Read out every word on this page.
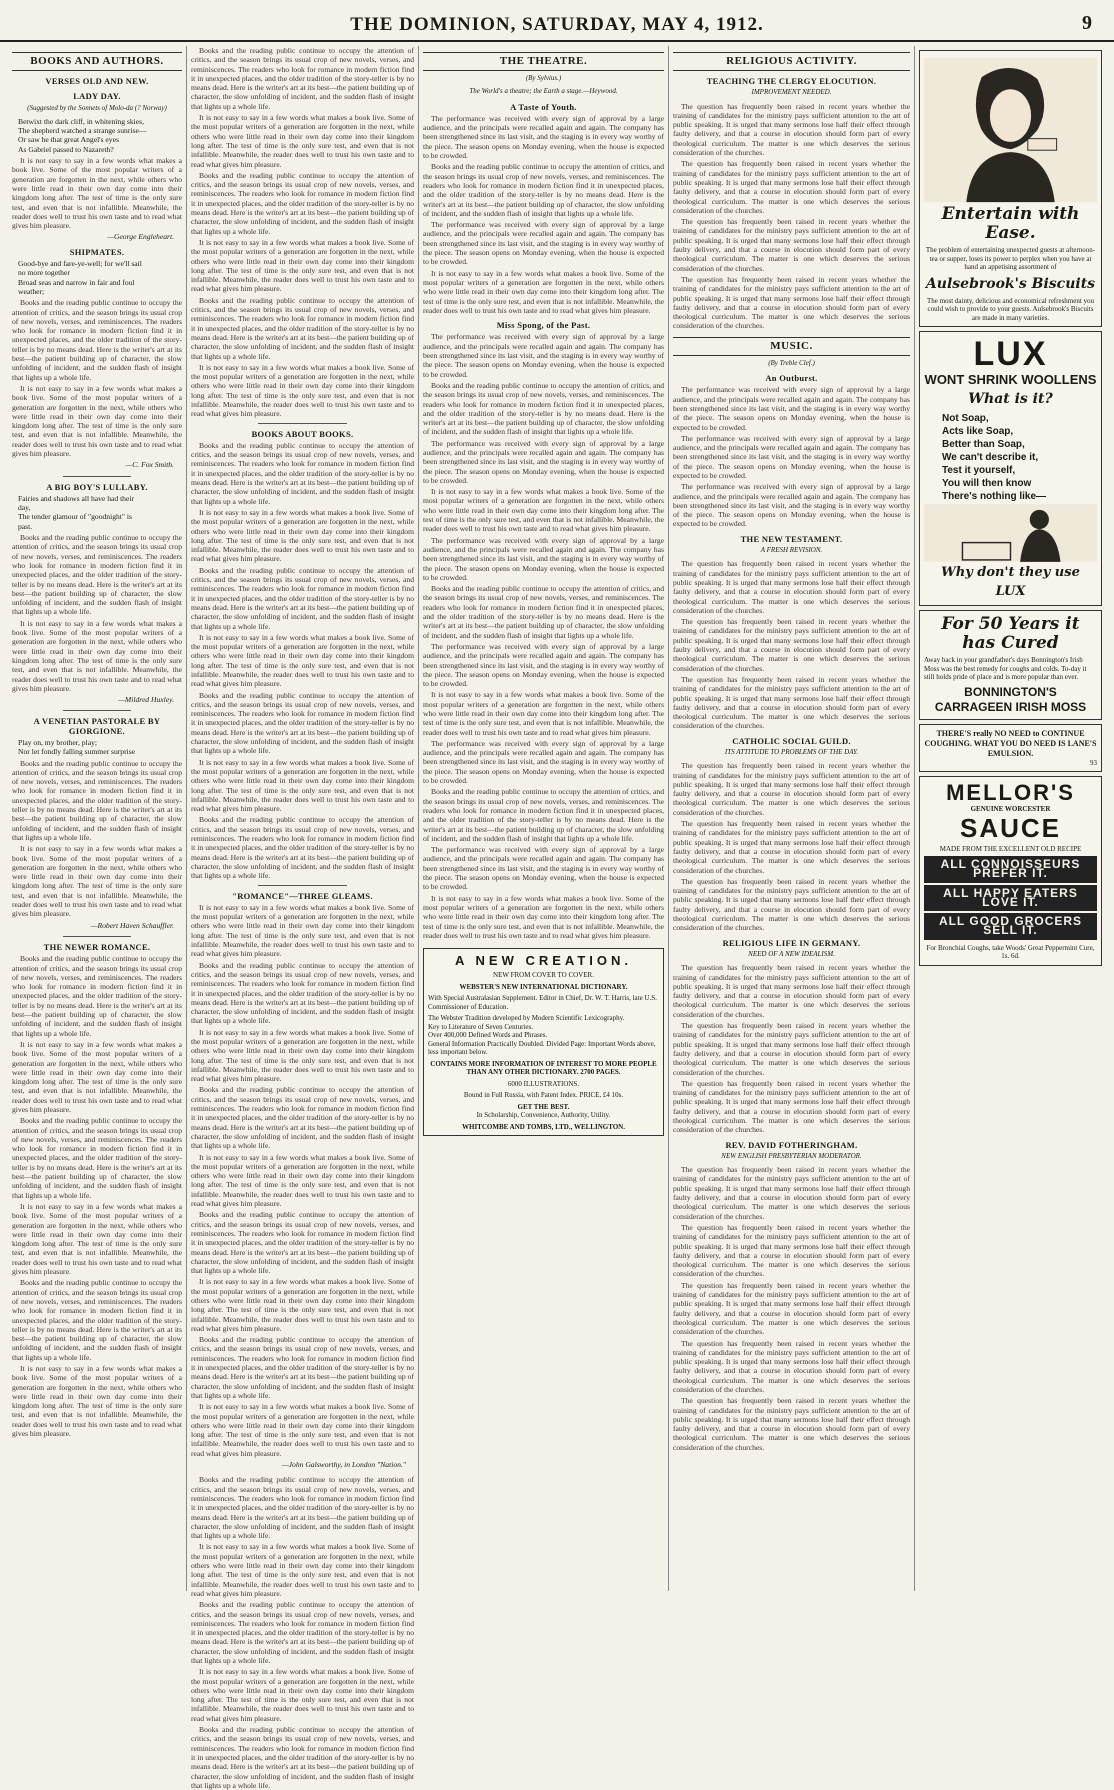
THE DOMINION, SATURDAY, MAY 4, 1912.	9
BOOKS AND AUTHORS.
VERSES OLD AND NEW.
LADY DAY.
(Suggested by the Sonnets of Molo-da (? Norway)
Betwixt the dark cliff, in whitening skies,
The shepherd watched a strange sunrise—
Or saw he that great Angel's eyes
As Gabriel passed to Nazareth?

It is not easy to say in a few words what makes a book live. Some of the most popular writers of a generation are forgotten in the next, while others who were little read in their own day come into their kingdom long after. The test of time is the only sure test, and even that is not infallible. Meanwhile, the reader does well to trust his own taste and to read what gives him pleasure.

—George Engleheart.
SHIPMATES.
Good-bye and fare-ye-well; for we'll sail
no more together
Broad seas and narrow in fair and foul
weather;

Books and the reading public continue to occupy the attention of critics, and the season brings its usual crop of new novels, verses, and reminiscences. The readers who look for romance in modern fiction find it in unexpected places, and the older tradition of the story-teller is by no means dead. Here is the writer's art at its best—the patient building up of character, the slow unfolding of incident, and the sudden flash of insight that lights up a whole life.

It is not easy to say in a few words what makes a book live. Some of the most popular writers of a generation are forgotten in the next, while others who were little read in their own day come into their kingdom long after. The test of time is the only sure test, and even that is not infallible. Meanwhile, the reader does well to trust his own taste and to read what gives him pleasure.

—C. Fox Smith.
A BIG BOY'S LULLABY.
Fairies and shadows all have had their
day,
The tender glamour of "goodnight" is
past.

Books and the reading public continue to occupy the attention of critics, and the season brings its usual crop of new novels, verses, and reminiscences. The readers who look for romance in modern fiction find it in unexpected places, and the older tradition of the story-teller is by no means dead. Here is the writer's art at its best—the patient building up of character, the slow unfolding of incident, and the sudden flash of insight that lights up a whole life.

It is not easy to say in a few words what makes a book live. Some of the most popular writers of a generation are forgotten in the next, while others who were little read in their own day come into their kingdom long after. The test of time is the only sure test, and even that is not infallible. Meanwhile, the reader does well to trust his own taste and to read what gives him pleasure.

—Mildred Huxley.
A VENETIAN PASTORALE BY GIORGIONE.
Play on, my brother, play;
Nor let fondly falling summer surprise

Books and the reading public continue to occupy the attention of critics, and the season brings its usual crop of new novels, verses, and reminiscences. The readers who look for romance in modern fiction find it in unexpected places, and the older tradition of the story-teller is by no means dead. Here is the writer's art at its best—the patient building up of character, the slow unfolding of incident, and the sudden flash of insight that lights up a whole life.

It is not easy to say in a few words what makes a book live. Some of the most popular writers of a generation are forgotten in the next, while others who were little read in their own day come into their kingdom long after. The test of time is the only sure test, and even that is not infallible. Meanwhile, the reader does well to trust his own taste and to read what gives him pleasure.

—Robert Haven Schauffler.
THE NEWER ROMANCE.

Books and the reading public continue to occupy the attention of critics, and the season brings its usual crop of new novels, verses, and reminiscences. The readers who look for romance in modern fiction find it in unexpected places, and the older tradition of the story-teller is by no means dead. Here is the writer's art at its best—the patient building up of character, the slow unfolding of incident, and the sudden flash of insight that lights up a whole life.

It is not easy to say in a few words what makes a book live. Some of the most popular writers of a generation are forgotten in the next, while others who were little read in their own day come into their kingdom long after. The test of time is the only sure test, and even that is not infallible. Meanwhile, the reader does well to trust his own taste and to read what gives him pleasure.

Books and the reading public continue to occupy the attention of critics, and the season brings its usual crop of new novels, verses, and reminiscences. The readers who look for romance in modern fiction find it in unexpected places, and the older tradition of the story-teller is by no means dead. Here is the writer's art at its best—the patient building up of character, the slow unfolding of incident, and the sudden flash of insight that lights up a whole life.

It is not easy to say in a few words what makes a book live. Some of the most popular writers of a generation are forgotten in the next, while others who were little read in their own day come into their kingdom long after. The test of time is the only sure test, and even that is not infallible. Meanwhile, the reader does well to trust his own taste and to read what gives him pleasure.

Books and the reading public continue to occupy the attention of critics, and the season brings its usual crop of new novels, verses, and reminiscences. The readers who look for romance in modern fiction find it in unexpected places, and the older tradition of the story-teller is by no means dead. Here is the writer's art at its best—the patient building up of character, the slow unfolding of incident, and the sudden flash of insight that lights up a whole life.

It is not easy to say in a few words what makes a book live. Some of the most popular writers of a generation are forgotten in the next, while others who were little read in their own day come into their kingdom long after. The test of time is the only sure test, and even that is not infallible. Meanwhile, the reader does well to trust his own taste and to read what gives him pleasure.

Books and the reading public continue to occupy the attention of critics, and the season brings its usual crop of new novels, verses, and reminiscences. The readers who look for romance in modern fiction find it in unexpected places, and the older tradition of the story-teller is by no means dead. Here is the writer's art at its best—the patient building up of character, the slow unfolding of incident, and the sudden flash of insight that lights up a whole life.

It is not easy to say in a few words what makes a book live. Some of the most popular writers of a generation are forgotten in the next, while others who were little read in their own day come into their kingdom long after. The test of time is the only sure test, and even that is not infallible. Meanwhile, the reader does well to trust his own taste and to read what gives him pleasure.

Books and the reading public continue to occupy the attention of critics, and the season brings its usual crop of new novels, verses, and reminiscences. The readers who look for romance in modern fiction find it in unexpected places, and the older tradition of the story-teller is by no means dead. Here is the writer's art at its best—the patient building up of character, the slow unfolding of incident, and the sudden flash of insight that lights up a whole life.

It is not easy to say in a few words what makes a book live. Some of the most popular writers of a generation are forgotten in the next, while others who were little read in their own day come into their kingdom long after. The test of time is the only sure test, and even that is not infallible. Meanwhile, the reader does well to trust his own taste and to read what gives him pleasure.

Books and the reading public continue to occupy the attention of critics, and the season brings its usual crop of new novels, verses, and reminiscences. The readers who look for romance in modern fiction find it in unexpected places, and the older tradition of the story-teller is by no means dead. Here is the writer's art at its best—the patient building up of character, the slow unfolding of incident, and the sudden flash of insight that lights up a whole life.

It is not easy to say in a few words what makes a book live. Some of the most popular writers of a generation are forgotten in the next, while others who were little read in their own day come into their kingdom long after. The test of time is the only sure test, and even that is not infallible. Meanwhile, the reader does well to trust his own taste and to read what gives him pleasure.

BOOKS ABOUT BOOKS.

Books and the reading public continue to occupy the attention of critics, and the season brings its usual crop of new novels, verses, and reminiscences. The readers who look for romance in modern fiction find it in unexpected places, and the older tradition of the story-teller is by no means dead. Here is the writer's art at its best—the patient building up of character, the slow unfolding of incident, and the sudden flash of insight that lights up a whole life.

It is not easy to say in a few words what makes a book live. Some of the most popular writers of a generation are forgotten in the next, while others who were little read in their own day come into their kingdom long after. The test of time is the only sure test, and even that is not infallible. Meanwhile, the reader does well to trust his own taste and to read what gives him pleasure.

Books and the reading public continue to occupy the attention of critics, and the season brings its usual crop of new novels, verses, and reminiscences. The readers who look for romance in modern fiction find it in unexpected places, and the older tradition of the story-teller is by no means dead. Here is the writer's art at its best—the patient building up of character, the slow unfolding of incident, and the sudden flash of insight that lights up a whole life.

It is not easy to say in a few words what makes a book live. Some of the most popular writers of a generation are forgotten in the next, while others who were little read in their own day come into their kingdom long after. The test of time is the only sure test, and even that is not infallible. Meanwhile, the reader does well to trust his own taste and to read what gives him pleasure.

Books and the reading public continue to occupy the attention of critics, and the season brings its usual crop of new novels, verses, and reminiscences. The readers who look for romance in modern fiction find it in unexpected places, and the older tradition of the story-teller is by no means dead. Here is the writer's art at its best—the patient building up of character, the slow unfolding of incident, and the sudden flash of insight that lights up a whole life.

It is not easy to say in a few words what makes a book live. Some of the most popular writers of a generation are forgotten in the next, while others who were little read in their own day come into their kingdom long after. The test of time is the only sure test, and even that is not infallible. Meanwhile, the reader does well to trust his own taste and to read what gives him pleasure.

Books and the reading public continue to occupy the attention of critics, and the season brings its usual crop of new novels, verses, and reminiscences. The readers who look for romance in modern fiction find it in unexpected places, and the older tradition of the story-teller is by no means dead. Here is the writer's art at its best—the patient building up of character, the slow unfolding of incident, and the sudden flash of insight that lights up a whole life.

"ROMANCE"—THREE GLEAMS.

It is not easy to say in a few words what makes a book live. Some of the most popular writers of a generation are forgotten in the next, while others who were little read in their own day come into their kingdom long after. The test of time is the only sure test, and even that is not infallible. Meanwhile, the reader does well to trust his own taste and to read what gives him pleasure.

Books and the reading public continue to occupy the attention of critics, and the season brings its usual crop of new novels, verses, and reminiscences. The readers who look for romance in modern fiction find it in unexpected places, and the older tradition of the story-teller is by no means dead. Here is the writer's art at its best—the patient building up of character, the slow unfolding of incident, and the sudden flash of insight that lights up a whole life.

It is not easy to say in a few words what makes a book live. Some of the most popular writers of a generation are forgotten in the next, while others who were little read in their own day come into their kingdom long after. The test of time is the only sure test, and even that is not infallible. Meanwhile, the reader does well to trust his own taste and to read what gives him pleasure.

Books and the reading public continue to occupy the attention of critics, and the season brings its usual crop of new novels, verses, and reminiscences. The readers who look for romance in modern fiction find it in unexpected places, and the older tradition of the story-teller is by no means dead. Here is the writer's art at its best—the patient building up of character, the slow unfolding of incident, and the sudden flash of insight that lights up a whole life.

It is not easy to say in a few words what makes a book live. Some of the most popular writers of a generation are forgotten in the next, while others who were little read in their own day come into their kingdom long after. The test of time is the only sure test, and even that is not infallible. Meanwhile, the reader does well to trust his own taste and to read what gives him pleasure.

Books and the reading public continue to occupy the attention of critics, and the season brings its usual crop of new novels, verses, and reminiscences. The readers who look for romance in modern fiction find it in unexpected places, and the older tradition of the story-teller is by no means dead. Here is the writer's art at its best—the patient building up of character, the slow unfolding of incident, and the sudden flash of insight that lights up a whole life.

It is not easy to say in a few words what makes a book live. Some of the most popular writers of a generation are forgotten in the next, while others who were little read in their own day come into their kingdom long after. The test of time is the only sure test, and even that is not infallible. Meanwhile, the reader does well to trust his own taste and to read what gives him pleasure.

Books and the reading public continue to occupy the attention of critics, and the season brings its usual crop of new novels, verses, and reminiscences. The readers who look for romance in modern fiction find it in unexpected places, and the older tradition of the story-teller is by no means dead. Here is the writer's art at its best—the patient building up of character, the slow unfolding of incident, and the sudden flash of insight that lights up a whole life.

It is not easy to say in a few words what makes a book live. Some of the most popular writers of a generation are forgotten in the next, while others who were little read in their own day come into their kingdom long after. The test of time is the only sure test, and even that is not infallible. Meanwhile, the reader does well to trust his own taste and to read what gives him pleasure.

—John Galsworthy, in London "Nation."

Books and the reading public continue to occupy the attention of critics, and the season brings its usual crop of new novels, verses, and reminiscences. The readers who look for romance in modern fiction find it in unexpected places, and the older tradition of the story-teller is by no means dead. Here is the writer's art at its best—the patient building up of character, the slow unfolding of incident, and the sudden flash of insight that lights up a whole life.

It is not easy to say in a few words what makes a book live. Some of the most popular writers of a generation are forgotten in the next, while others who were little read in their own day come into their kingdom long after. The test of time is the only sure test, and even that is not infallible. Meanwhile, the reader does well to trust his own taste and to read what gives him pleasure.

Books and the reading public continue to occupy the attention of critics, and the season brings its usual crop of new novels, verses, and reminiscences. The readers who look for romance in modern fiction find it in unexpected places, and the older tradition of the story-teller is by no means dead. Here is the writer's art at its best—the patient building up of character, the slow unfolding of incident, and the sudden flash of insight that lights up a whole life.

It is not easy to say in a few words what makes a book live. Some of the most popular writers of a generation are forgotten in the next, while others who were little read in their own day come into their kingdom long after. The test of time is the only sure test, and even that is not infallible. Meanwhile, the reader does well to trust his own taste and to read what gives him pleasure.

Books and the reading public continue to occupy the attention of critics, and the season brings its usual crop of new novels, verses, and reminiscences. The readers who look for romance in modern fiction find it in unexpected places, and the older tradition of the story-teller is by no means dead. Here is the writer's art at its best—the patient building up of character, the slow unfolding of incident, and the sudden flash of insight that lights up a whole life.

THE THEATRE.
(By Sylvius.)
The World's a theatre; the Earth a stage.—Heywood.
A Taste of Youth.

The performance was received with every sign of approval by a large audience, and the principals were recalled again and again. The company has been strengthened since its last visit, and the staging is in every way worthy of the piece. The season opens on Monday evening, when the house is expected to be crowded.

Books and the reading public continue to occupy the attention of critics, and the season brings its usual crop of new novels, verses, and reminiscences. The readers who look for romance in modern fiction find it in unexpected places, and the older tradition of the story-teller is by no means dead. Here is the writer's art at its best—the patient building up of character, the slow unfolding of incident, and the sudden flash of insight that lights up a whole life.

The performance was received with every sign of approval by a large audience, and the principals were recalled again and again. The company has been strengthened since its last visit, and the staging is in every way worthy of the piece. The season opens on Monday evening, when the house is expected to be crowded.

It is not easy to say in a few words what makes a book live. Some of the most popular writers of a generation are forgotten in the next, while others who were little read in their own day come into their kingdom long after. The test of time is the only sure test, and even that is not infallible. Meanwhile, the reader does well to trust his own taste and to read what gives him pleasure.

Miss Spong, of the Past.

The performance was received with every sign of approval by a large audience, and the principals were recalled again and again. The company has been strengthened since its last visit, and the staging is in every way worthy of the piece. The season opens on Monday evening, when the house is expected to be crowded.

Books and the reading public continue to occupy the attention of critics, and the season brings its usual crop of new novels, verses, and reminiscences. The readers who look for romance in modern fiction find it in unexpected places, and the older tradition of the story-teller is by no means dead. Here is the writer's art at its best—the patient building up of character, the slow unfolding of incident, and the sudden flash of insight that lights up a whole life.

The performance was received with every sign of approval by a large audience, and the principals were recalled again and again. The company has been strengthened since its last visit, and the staging is in every way worthy of the piece. The season opens on Monday evening, when the house is expected to be crowded.

It is not easy to say in a few words what makes a book live. Some of the most popular writers of a generation are forgotten in the next, while others who were little read in their own day come into their kingdom long after. The test of time is the only sure test, and even that is not infallible. Meanwhile, the reader does well to trust his own taste and to read what gives him pleasure.

The performance was received with every sign of approval by a large audience, and the principals were recalled again and again. The company has been strengthened since its last visit, and the staging is in every way worthy of the piece. The season opens on Monday evening, when the house is expected to be crowded.

Books and the reading public continue to occupy the attention of critics, and the season brings its usual crop of new novels, verses, and reminiscences. The readers who look for romance in modern fiction find it in unexpected places, and the older tradition of the story-teller is by no means dead. Here is the writer's art at its best—the patient building up of character, the slow unfolding of incident, and the sudden flash of insight that lights up a whole life.

The performance was received with every sign of approval by a large audience, and the principals were recalled again and again. The company has been strengthened since its last visit, and the staging is in every way worthy of the piece. The season opens on Monday evening, when the house is expected to be crowded.

It is not easy to say in a few words what makes a book live. Some of the most popular writers of a generation are forgotten in the next, while others who were little read in their own day come into their kingdom long after. The test of time is the only sure test, and even that is not infallible. Meanwhile, the reader does well to trust his own taste and to read what gives him pleasure.

The performance was received with every sign of approval by a large audience, and the principals were recalled again and again. The company has been strengthened since its last visit, and the staging is in every way worthy of the piece. The season opens on Monday evening, when the house is expected to be crowded.

Books and the reading public continue to occupy the attention of critics, and the season brings its usual crop of new novels, verses, and reminiscences. The readers who look for romance in modern fiction find it in unexpected places, and the older tradition of the story-teller is by no means dead. Here is the writer's art at its best—the patient building up of character, the slow unfolding of incident, and the sudden flash of insight that lights up a whole life.

The performance was received with every sign of approval by a large audience, and the principals were recalled again and again. The company has been strengthened since its last visit, and the staging is in every way worthy of the piece. The season opens on Monday evening, when the house is expected to be crowded.

It is not easy to say in a few words what makes a book live. Some of the most popular writers of a generation are forgotten in the next, while others who were little read in their own day come into their kingdom long after. The test of time is the only sure test, and even that is not infallible. Meanwhile, the reader does well to trust his own taste and to read what gives him pleasure.

A NEW CREATION.
NEW FROM COVER TO COVER.
WEBSTER'S NEW INTERNATIONAL DICTIONARY.
With Special Australasian Supplement. Editor in Chief, Dr. W. T. Harris, late U.S. Commissioner of Education.
The Webster Tradition developed by Modern Scientific Lexicography.
Key to Literature of Seven Centuries.
Over 400,000 Defined Words and Phrases.
General Information Practically Doubled. Divided Page: Important Words above, less important below.
CONTAINS MORE INFORMATION OF INTEREST TO MORE PEOPLE THAN ANY OTHER DICTIONARY. 2700 PAGES.
6000 ILLUSTRATIONS.
Bound in Full Russia, with Patent Index. PRICE, £4 10s.
GET THE BEST.
In Scholarship, Convenience, Authority, Utility.
WHITCOMBE AND TOMBS, LTD., WELLINGTON.
RELIGIOUS ACTIVITY.
TEACHING THE CLERGY ELOCUTION.
IMPROVEMENT NEEDED.

The question has frequently been raised in recent years whether the training of candidates for the ministry pays sufficient attention to the art of public speaking. It is urged that many sermons lose half their effect through faulty delivery, and that a course in elocution should form part of every theological curriculum. The matter is one which deserves the serious consideration of the churches.

The question has frequently been raised in recent years whether the training of candidates for the ministry pays sufficient attention to the art of public speaking. It is urged that many sermons lose half their effect through faulty delivery, and that a course in elocution should form part of every theological curriculum. The matter is one which deserves the serious consideration of the churches.

The question has frequently been raised in recent years whether the training of candidates for the ministry pays sufficient attention to the art of public speaking. It is urged that many sermons lose half their effect through faulty delivery, and that a course in elocution should form part of every theological curriculum. The matter is one which deserves the serious consideration of the churches.

The question has frequently been raised in recent years whether the training of candidates for the ministry pays sufficient attention to the art of public speaking. It is urged that many sermons lose half their effect through faulty delivery, and that a course in elocution should form part of every theological curriculum. The matter is one which deserves the serious consideration of the churches.

MUSIC.
(By Treble Clef.)
An Outburst.

The performance was received with every sign of approval by a large audience, and the principals were recalled again and again. The company has been strengthened since its last visit, and the staging is in every way worthy of the piece. The season opens on Monday evening, when the house is expected to be crowded.

The performance was received with every sign of approval by a large audience, and the principals were recalled again and again. The company has been strengthened since its last visit, and the staging is in every way worthy of the piece. The season opens on Monday evening, when the house is expected to be crowded.

The performance was received with every sign of approval by a large audience, and the principals were recalled again and again. The company has been strengthened since its last visit, and the staging is in every way worthy of the piece. The season opens on Monday evening, when the house is expected to be crowded.

THE NEW TESTAMENT.
A FRESH REVISION.

The question has frequently been raised in recent years whether the training of candidates for the ministry pays sufficient attention to the art of public speaking. It is urged that many sermons lose half their effect through faulty delivery, and that a course in elocution should form part of every theological curriculum. The matter is one which deserves the serious consideration of the churches.

The question has frequently been raised in recent years whether the training of candidates for the ministry pays sufficient attention to the art of public speaking. It is urged that many sermons lose half their effect through faulty delivery, and that a course in elocution should form part of every theological curriculum. The matter is one which deserves the serious consideration of the churches.

The question has frequently been raised in recent years whether the training of candidates for the ministry pays sufficient attention to the art of public speaking. It is urged that many sermons lose half their effect through faulty delivery, and that a course in elocution should form part of every theological curriculum. The matter is one which deserves the serious consideration of the churches.

CATHOLIC SOCIAL GUILD.
ITS ATTITUDE TO PROBLEMS OF THE DAY.

The question has frequently been raised in recent years whether the training of candidates for the ministry pays sufficient attention to the art of public speaking. It is urged that many sermons lose half their effect through faulty delivery, and that a course in elocution should form part of every theological curriculum. The matter is one which deserves the serious consideration of the churches.

The question has frequently been raised in recent years whether the training of candidates for the ministry pays sufficient attention to the art of public speaking. It is urged that many sermons lose half their effect through faulty delivery, and that a course in elocution should form part of every theological curriculum. The matter is one which deserves the serious consideration of the churches.

The question has frequently been raised in recent years whether the training of candidates for the ministry pays sufficient attention to the art of public speaking. It is urged that many sermons lose half their effect through faulty delivery, and that a course in elocution should form part of every theological curriculum. The matter is one which deserves the serious consideration of the churches.

RELIGIOUS LIFE IN GERMANY.
NEED OF A NEW IDEALISM.

The question has frequently been raised in recent years whether the training of candidates for the ministry pays sufficient attention to the art of public speaking. It is urged that many sermons lose half their effect through faulty delivery, and that a course in elocution should form part of every theological curriculum. The matter is one which deserves the serious consideration of the churches.

The question has frequently been raised in recent years whether the training of candidates for the ministry pays sufficient attention to the art of public speaking. It is urged that many sermons lose half their effect through faulty delivery, and that a course in elocution should form part of every theological curriculum. The matter is one which deserves the serious consideration of the churches.

The question has frequently been raised in recent years whether the training of candidates for the ministry pays sufficient attention to the art of public speaking. It is urged that many sermons lose half their effect through faulty delivery, and that a course in elocution should form part of every theological curriculum. The matter is one which deserves the serious consideration of the churches.

REV. DAVID FOTHERINGHAM.
NEW ENGLISH PRESBYTERIAN MODERATOR.

The question has frequently been raised in recent years whether the training of candidates for the ministry pays sufficient attention to the art of public speaking. It is urged that many sermons lose half their effect through faulty delivery, and that a course in elocution should form part of every theological curriculum. The matter is one which deserves the serious consideration of the churches.

The question has frequently been raised in recent years whether the training of candidates for the ministry pays sufficient attention to the art of public speaking. It is urged that many sermons lose half their effect through faulty delivery, and that a course in elocution should form part of every theological curriculum. The matter is one which deserves the serious consideration of the churches.

The question has frequently been raised in recent years whether the training of candidates for the ministry pays sufficient attention to the art of public speaking. It is urged that many sermons lose half their effect through faulty delivery, and that a course in elocution should form part of every theological curriculum. The matter is one which deserves the serious consideration of the churches.

The question has frequently been raised in recent years whether the training of candidates for the ministry pays sufficient attention to the art of public speaking. It is urged that many sermons lose half their effect through faulty delivery, and that a course in elocution should form part of every theological curriculum. The matter is one which deserves the serious consideration of the churches.

The question has frequently been raised in recent years whether the training of candidates for the ministry pays sufficient attention to the art of public speaking. It is urged that many sermons lose half their effect through faulty delivery, and that a course in elocution should form part of every theological curriculum. The matter is one which deserves the serious consideration of the churches.

Entertain with Ease.
The problem of entertaining unexpected guests at afternoon-tea or supper, loses its power to perplex when you have at hand an appetising assortment of
Aulsebrook's Biscuits
The most dainty, delicious and economical refreshment you could wish to provide to your guests. Aulsebrook's Biscuits are made in many varieties.
LUX
WONT SHRINK WOOLLENS
What is it?
Not Soap,
Acts like Soap,
Better than Soap,
We can't describe it,
Test it yourself,
You will then know
There's nothing like—
Why don't they use LUX
For 50 Years it has Cured
Away back in your grandfather's days Bonnington's Irish Moss was the best remedy for coughs and colds. To-day it still holds pride of place and is more popular than ever.
BONNINGTON'S CARRAGEEN IRISH MOSS
THERE'S really NO NEED to CONTINUE COUGHING. WHAT YOU DO NEED IS LANE'S EMULSION.
93
MELLOR'S
GENUINE WORCESTER
SAUCE
MADE FROM THE EXCELLENT OLD RECIPE
ALL CONNOISSEURS PREFER IT.
ALL HAPPY EATERS LOVE IT.
ALL GOOD GROCERS SELL IT.
For Bronchial Coughs, take Woods' Great Peppermint Cure, 1s. 6d.
